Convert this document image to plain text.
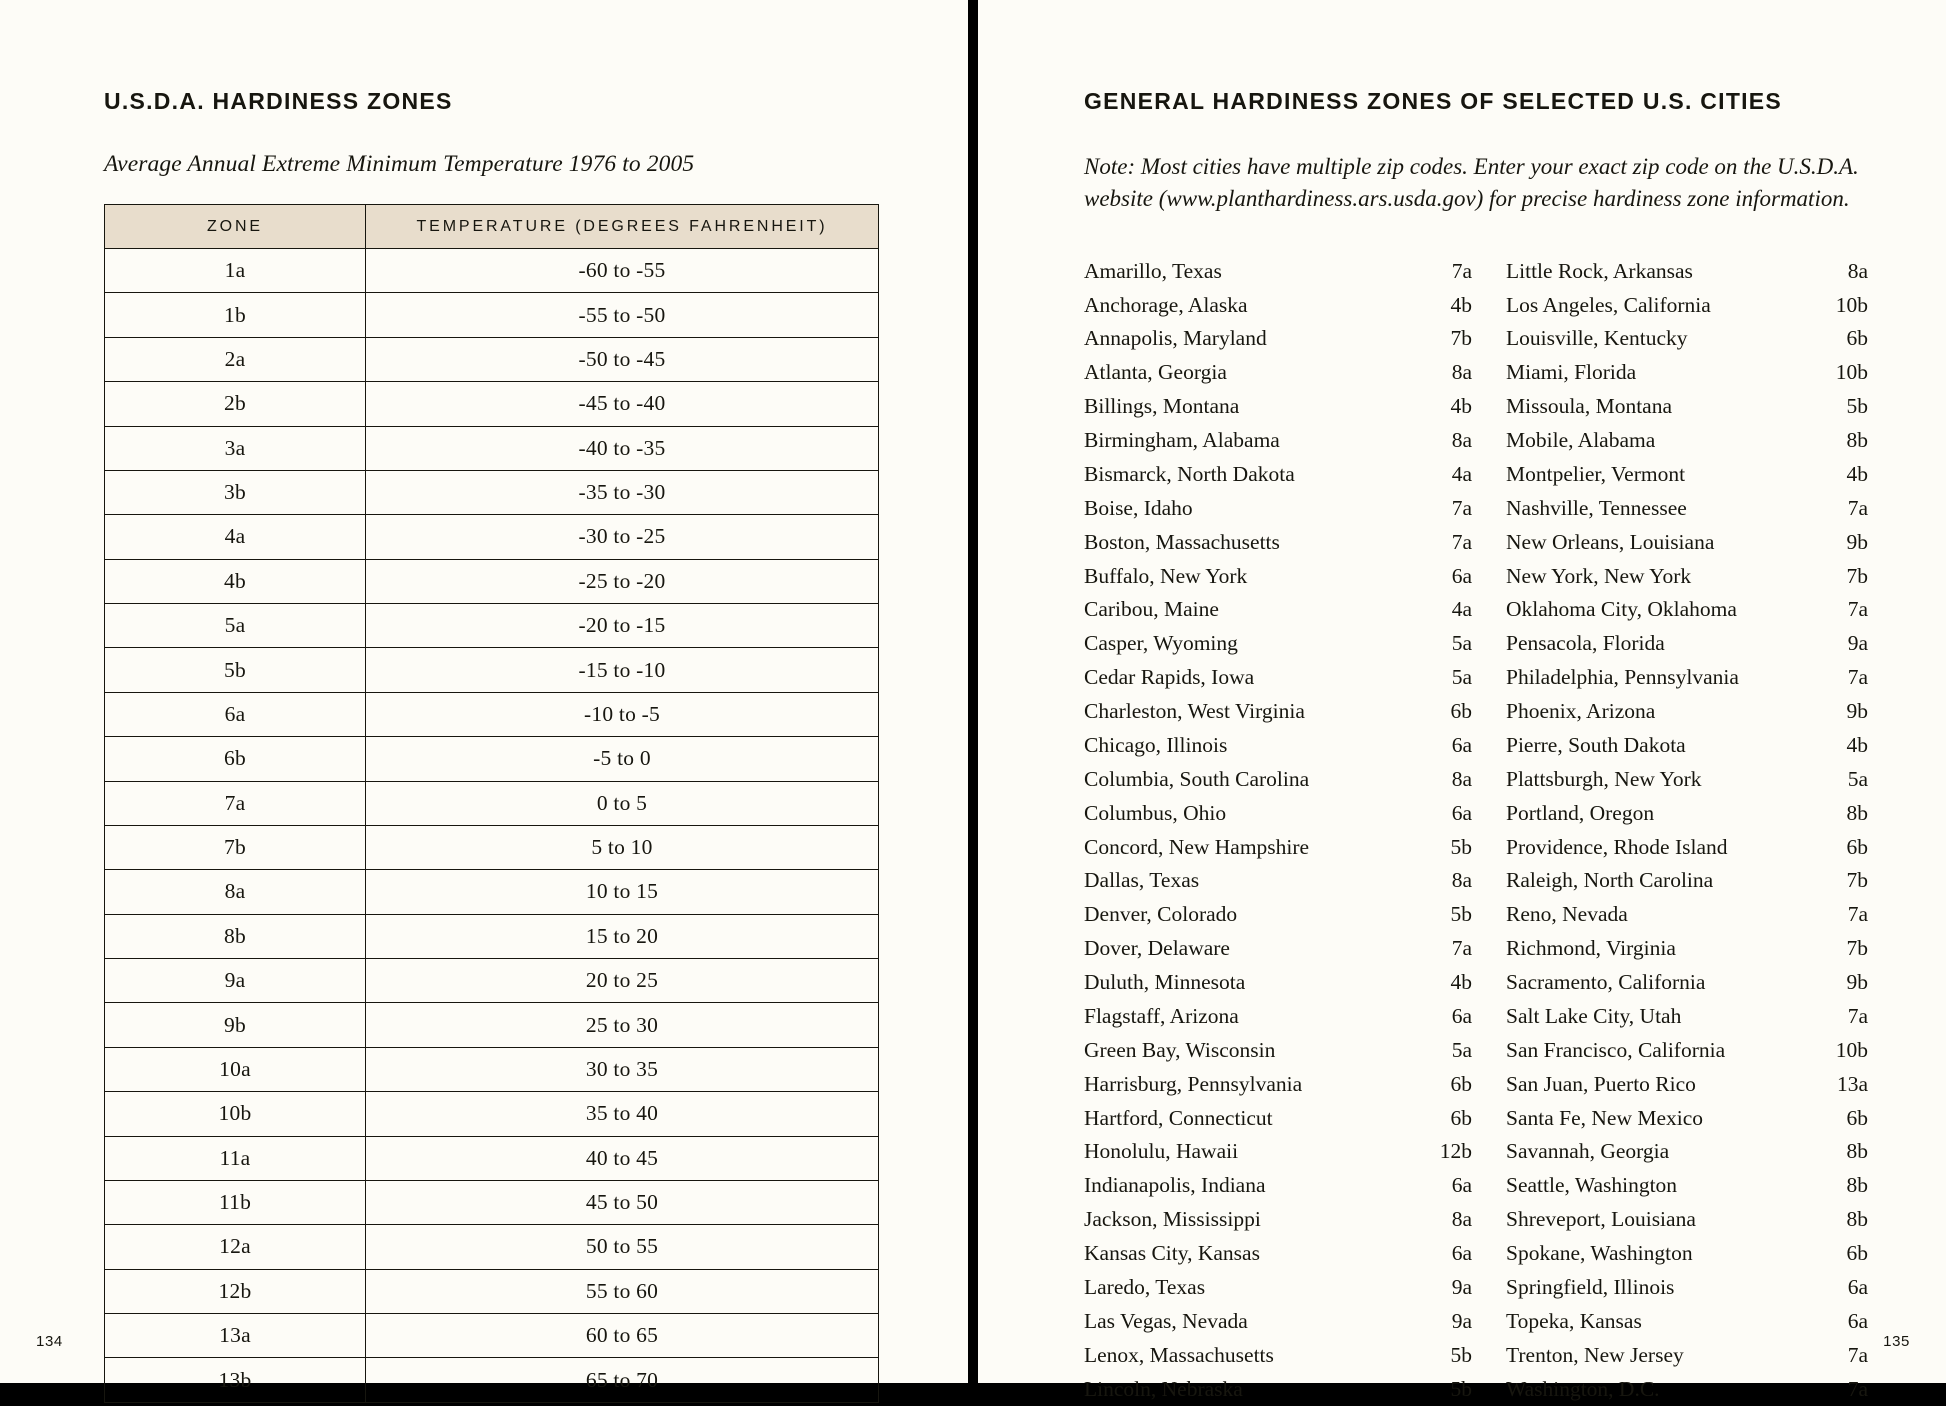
U.S.D.A. HARDINESS ZONES
Average Annual Extreme Minimum Temperature 1976 to 2005
ZONE	TEMPERATURE (DEGREES FAHRENHEIT)
1a	-60 to -55
1b	-55 to -50
2a	-50 to -45
2b	-45 to -40
3a	-40 to -35
3b	-35 to -30
4a	-30 to -25
4b	-25 to -20
5a	-20 to -15
5b	-15 to -10
6a	-10 to -5
6b	-5 to 0
7a	0 to 5
7b	5 to 10
8a	10 to 15
8b	15 to 20
9a	20 to 25
9b	25 to 30
10a	30 to 35
10b	35 to 40
11a	40 to 45
11b	45 to 50
12a	50 to 55
12b	55 to 60
13a	60 to 65
13b	65 to 70
134
GENERAL HARDINESS ZONES OF SELECTED U.S. CITIES
Note: Most cities have multiple zip codes. Enter your exact zip code on the U.S.D.A. website (www.planthardiness.ars.usda.gov) for precise hardiness zone information.
Amarillo, Texas	7a
Anchorage, Alaska	4b
Annapolis, Maryland	7b
Atlanta, Georgia	8a
Billings, Montana	4b
Birmingham, Alabama	8a
Bismarck, North Dakota	4a
Boise, Idaho	7a
Boston, Massachusetts	7a
Buffalo, New York	6a
Caribou, Maine	4a
Casper, Wyoming	5a
Cedar Rapids, Iowa	5a
Charleston, West Virginia	6b
Chicago, Illinois	6a
Columbia, South Carolina	8a
Columbus, Ohio	6a
Concord, New Hampshire	5b
Dallas, Texas	8a
Denver, Colorado	5b
Dover, Delaware	7a
Duluth, Minnesota	4b
Flagstaff, Arizona	6a
Green Bay, Wisconsin	5a
Harrisburg, Pennsylvania	6b
Hartford, Connecticut	6b
Honolulu, Hawaii	12b
Indianapolis, Indiana	6a
Jackson, Mississippi	8a
Kansas City, Kansas	6a
Laredo, Texas	9a
Las Vegas, Nevada	9a
Lenox, Massachusetts	5b
Lincoln, Nebraska	5b
Little Rock, Arkansas	8a
Los Angeles, California	10b
Louisville, Kentucky	6b
Miami, Florida	10b
Missoula, Montana	5b
Mobile, Alabama	8b
Montpelier, Vermont	4b
Nashville, Tennessee	7a
New Orleans, Louisiana	9b
New York, New York	7b
Oklahoma City, Oklahoma	7a
Pensacola, Florida	9a
Philadelphia, Pennsylvania	7a
Phoenix, Arizona	9b
Pierre, South Dakota	4b
Plattsburgh, New York	5a
Portland, Oregon	8b
Providence, Rhode Island	6b
Raleigh, North Carolina	7b
Reno, Nevada	7a
Richmond, Virginia	7b
Sacramento, California	9b
Salt Lake City, Utah	7a
San Francisco, California	10b
San Juan, Puerto Rico	13a
Santa Fe, New Mexico	6b
Savannah, Georgia	8b
Seattle, Washington	8b
Shreveport, Louisiana	8b
Spokane, Washington	6b
Springfield, Illinois	6a
Topeka, Kansas	6a
Trenton, New Jersey	7a
Washington, D.C.	7a
135
